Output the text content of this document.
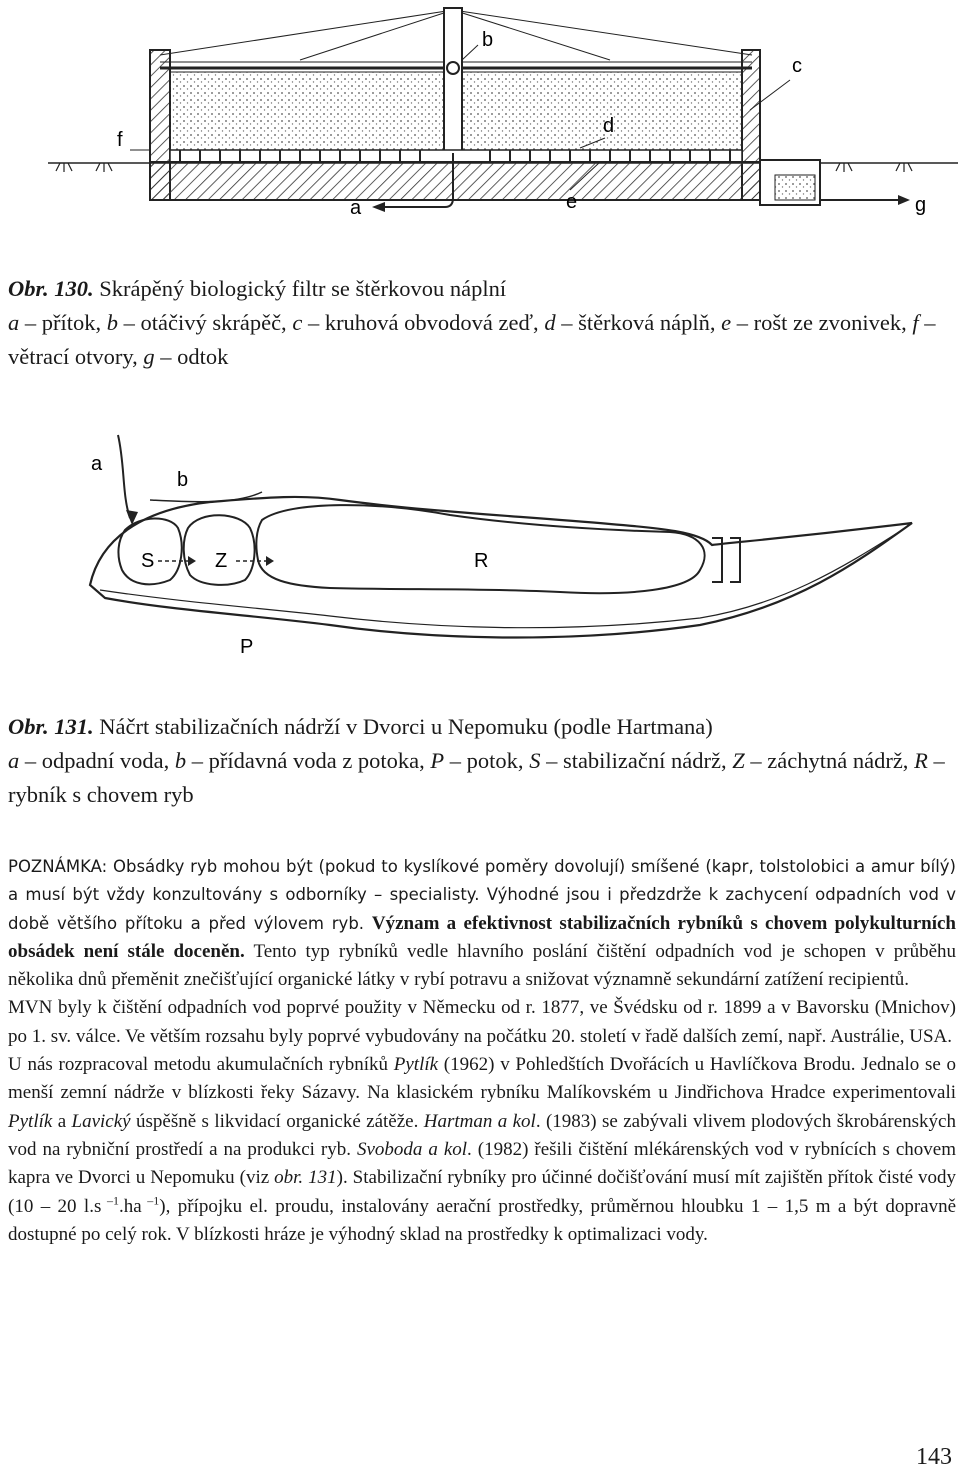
b
c
f
d
a	e	g
Obr. 130. Skrápěný biologický filtr se štěrkovou náplní
a – přítok, b – otáčivý skrápěč, c – kruhová obvodová zeď, d – štěrková náplň, e – rošt ze zvonivek, f – větrací otvory, g – odtok
a
b
S	Z	R
P
Obr. 131. Náčrt stabilizačních nádrží v Dvorci u Nepomuku (podle Hartmana)
a – odpadní voda, b – přídavná voda z potoka, P – potok, S – stabilizační nádrž, Z – záchytná nádrž, R – rybník s chovem ryb

POZNÁMKA: Obsádky ryb mohou být (pokud to kyslíkové poměry dovolují) smíšené (kapr, tolstolobici a amur bílý) a musí být vždy konzultovány s odborníky – specialisty. Výhodné jsou i předzdrže k zachycení odpadních vod v době většího přítoku a před výlovem ryb. Význam a efektivnost stabilizačních rybníků s chovem polykulturních obsádek není stále doceněn. Tento typ rybníků vedle hlavního poslání čištění odpadních vod je schopen v průběhu několika dnů přeměnit znečišťující organické látky v rybí potravu a snižovat významně sekundární zatížení recipientů.

MVN byly k čištění odpadních vod poprvé použity v Německu od r. 1877, ve Švédsku od r. 1899 a v Bavorsku (Mnichov) po 1. sv. válce. Ve větším rozsahu byly poprvé vybudovány na počátku 20. století v řadě dalších zemí, např. Austrálie, USA.

U nás rozpracoval metodu akumulačních rybníků Pytlík (1962) v Pohledštích Dvořácích u Havlíčkova Brodu. Jednalo se o menší zemní nádrže v blízkosti řeky Sázavy. Na klasickém rybníku Malíkovském u Jindřichova Hradce experimentovali Pytlík a Lavický úspěšně s likvidací organické zátěže. Hartman a kol. (1983) se zabývali vlivem plodových škrobárenských vod na rybniční prostředí a na produkci ryb. Svoboda a kol. (1982) řešili čištění mlékárenských vod v rybnících s chovem kapra ve Dvorci u Nepomuku (viz obr. 131). Stabilizační rybníky pro účinné dočišťování musí mít zajištěn přítok čisté vody (10 – 20 l.s $^{-1}$.ha $^{-1}$), přípojku el. proudu, instalovány aerační prostředky, průměrnou hloubku 1 – 1,5 m a být dopravně dostupné po celý rok. V blízkosti hráze je výhodný sklad na prostředky k optimalizaci vody.

143
